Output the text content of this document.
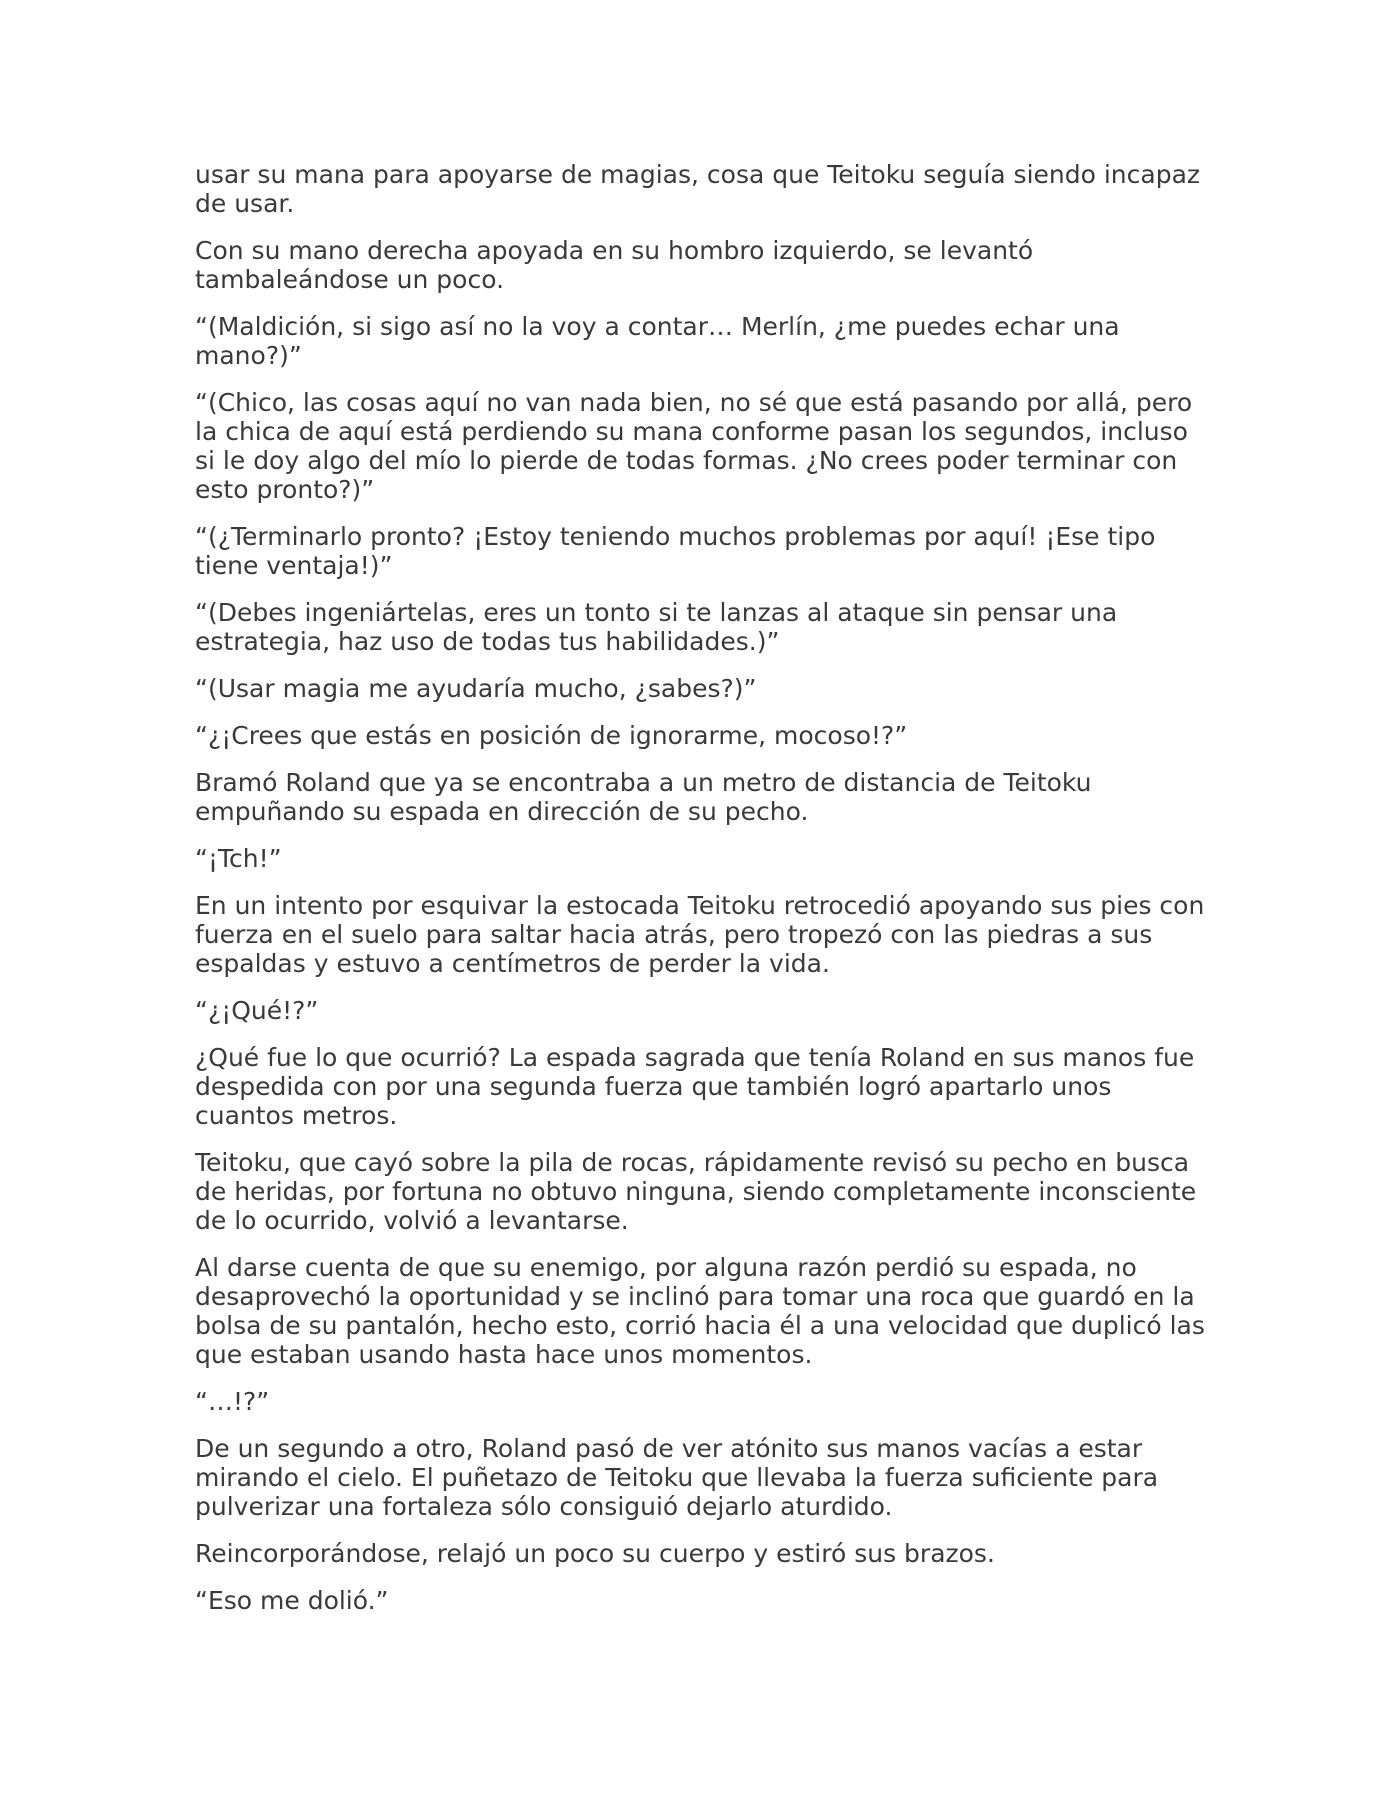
usar su mana para apoyarse de magias, cosa que Teitoku seguía siendo incapaz de usar.

Con su mano derecha apoyada en su hombro izquierdo, se levantó tambaleándose un poco.

“(Maldición, si sigo así no la voy a contar… Merlín, ¿me puedes echar una mano?)”

“(Chico, las cosas aquí no van nada bien, no sé que está pasando por allá, pero la chica de aquí está perdiendo su mana conforme pasan los segundos, incluso si le doy algo del mío lo pierde de todas formas. ¿No crees poder terminar con esto pronto?)”

“(¿Terminarlo pronto? ¡Estoy teniendo muchos problemas por aquí! ¡Ese tipo tiene ventaja!)”

“(Debes ingeniártelas, eres un tonto si te lanzas al ataque sin pensar una estrategia, haz uso de todas tus habilidades.)”

“(Usar magia me ayudaría mucho, ¿sabes?)”

“¿¡Crees que estás en posición de ignorarme, mocoso!?”

Bramó Roland que ya se encontraba a un metro de distancia de Teitoku empuñando su espada en dirección de su pecho.

“¡Tch!”

En un intento por esquivar la estocada Teitoku retrocedió apoyando sus pies con fuerza en el suelo para saltar hacia atrás, pero tropezó con las piedras a sus espaldas y estuvo a centímetros de perder la vida.

“¿¡Qué!?”

¿Qué fue lo que ocurrió? La espada sagrada que tenía Roland en sus manos fue despedida con por una segunda fuerza que también logró apartarlo unos cuantos metros.

Teitoku, que cayó sobre la pila de rocas, rápidamente revisó su pecho en busca de heridas, por fortuna no obtuvo ninguna, siendo completamente inconsciente de lo ocurrido, volvió a levantarse.

Al darse cuenta de que su enemigo, por alguna razón perdió su espada, no desaprovechó la oportunidad y se inclinó para tomar una roca que guardó en la bolsa de su pantalón, hecho esto, corrió hacia él a una velocidad que duplicó las que estaban usando hasta hace unos momentos.

“…!?”

De un segundo a otro, Roland pasó de ver atónito sus manos vacías a estar mirando el cielo. El puñetazo de Teitoku que llevaba la fuerza suficiente para pulverizar una fortaleza sólo consiguió dejarlo aturdido.

Reincorporándose, relajó un poco su cuerpo y estiró sus brazos.

“Eso me dolió.”
